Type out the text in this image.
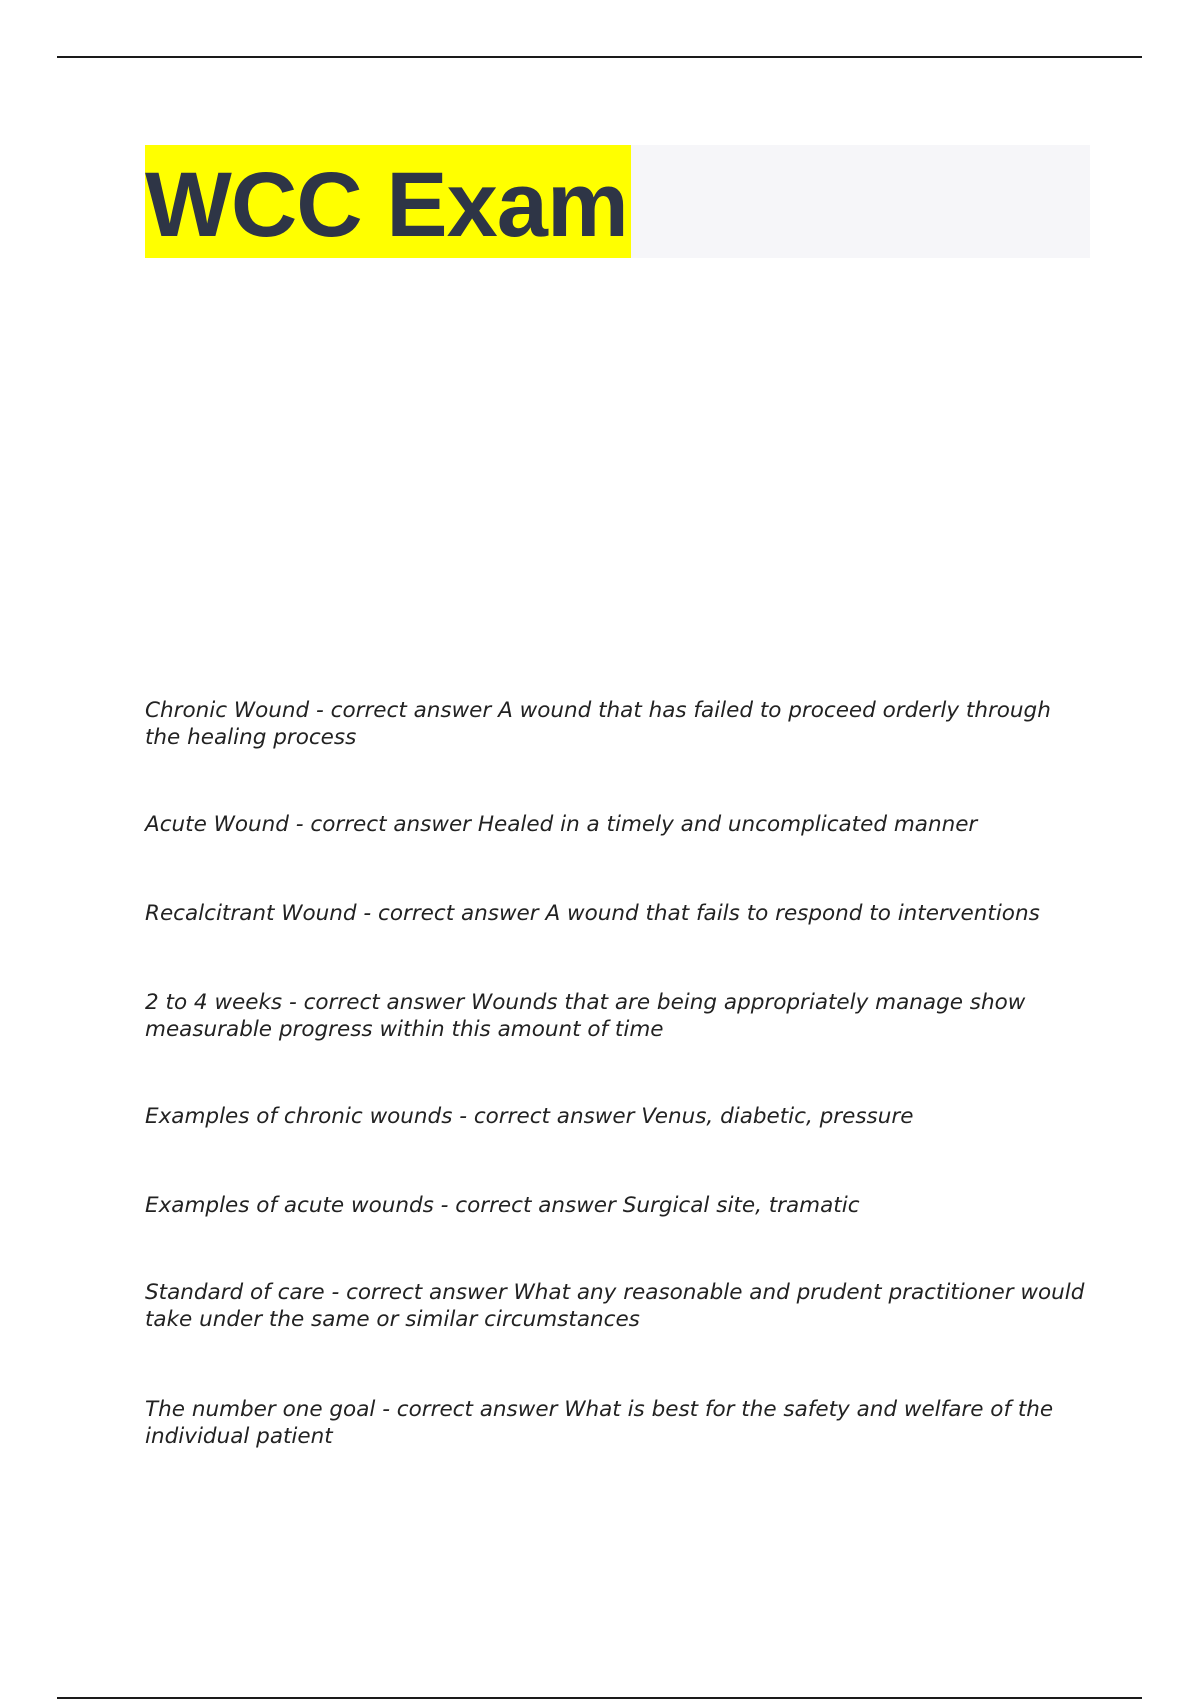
WCC Exam

Chronic Wound - correct answer A wound that has failed to proceed orderly through the healing process

Acute Wound - correct answer Healed in a timely and uncomplicated manner

Recalcitrant Wound - correct answer A wound that fails to respond to interventions

2 to 4 weeks - correct answer Wounds that are being appropriately manage show measurable progress within this amount of time

Examples of chronic wounds - correct answer Venus, diabetic, pressure

Examples of acute wounds - correct answer Surgical site, tramatic

Standard of care - correct answer What any reasonable and prudent practitioner would take under the same or similar circumstances

The number one goal - correct answer What is best for the safety and welfare of the individual patient
